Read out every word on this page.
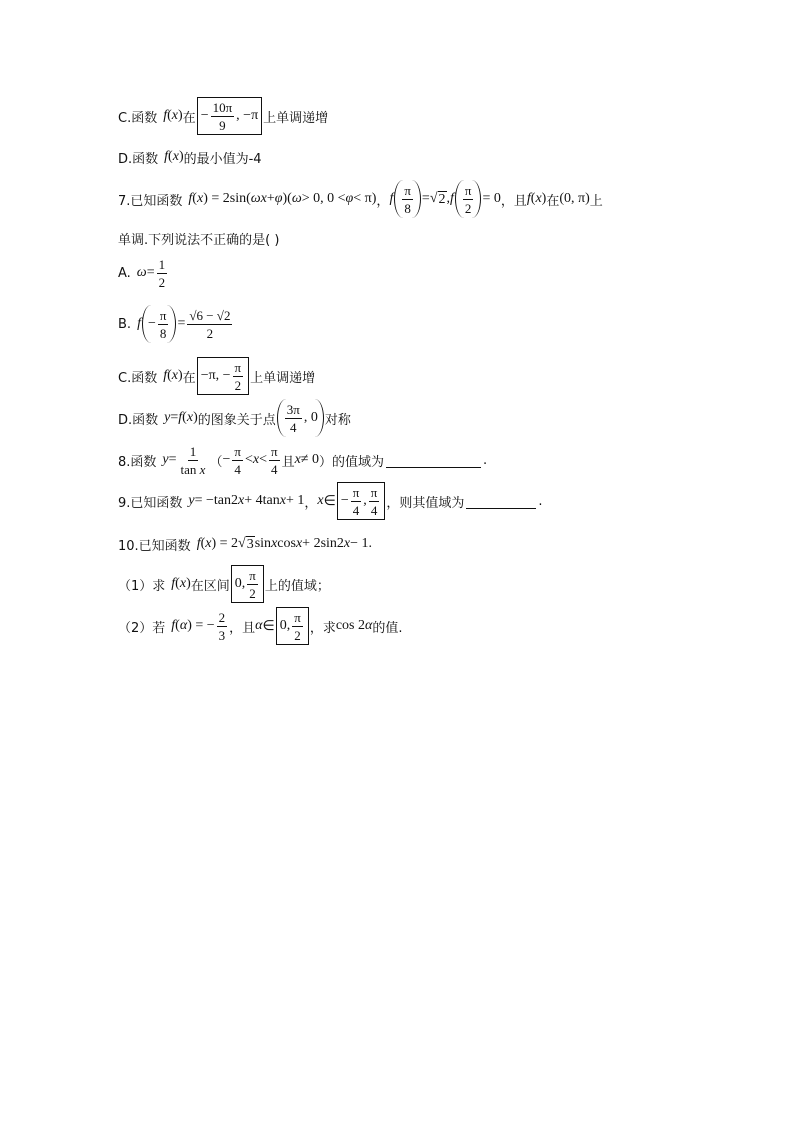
C.函数 f ( x ) 在 − $\frac{10\pi}{9}$ , −π 上单调递增
D.函数 f ( x ) 的最小值为-4
7.已知函数 f ( x ) = 2sin( ωx + φ )( ω > 0, 0 < φ < π) ， f $\frac{\pi}{8}$ = √ 2 , f $\frac{\pi}{2} = 0$ ，且 f ( x ) 在 (0, π) 上
单调.下列说法不正确的是( )
A. $\omega = \frac{1}{2}$
B. $f - \frac{\pi}{8} = \frac{√6 - √2}{2}$
C.函数 f ( x ) 在 −π, − $\frac{\pi}{2}$ 上单调递增
D.函数 y = f ( x ) 的图象关于点 $\frac{3\pi}{4}$ , 0 对称
8.函数 $y = \frac{1}{\text{tan x}}$ （ − $\frac{\pi}{4} < x < \frac{\pi}{4}$ 且 x ≠ 0 ）的值域为	.
9.已知函数 y = −tan 2 x + 4tan x + 1 ， x ∈ − $\frac{\pi}{4}$ , $\frac{\pi}{4}$ ，则其值域为	.
10.已知函数 f ( x ) = 2 √ 3 sin x cos x + 2sin 2 x − 1.
（1）求 f ( x ) 在区间 0, $\frac{\pi}{2}$ 上的值域；
（2）若 f ( α ) = − $\frac{2}{3}$ ，且 α ∈ 0, $\frac{\pi}{2}$ ，求 cos 2 α 的值.
